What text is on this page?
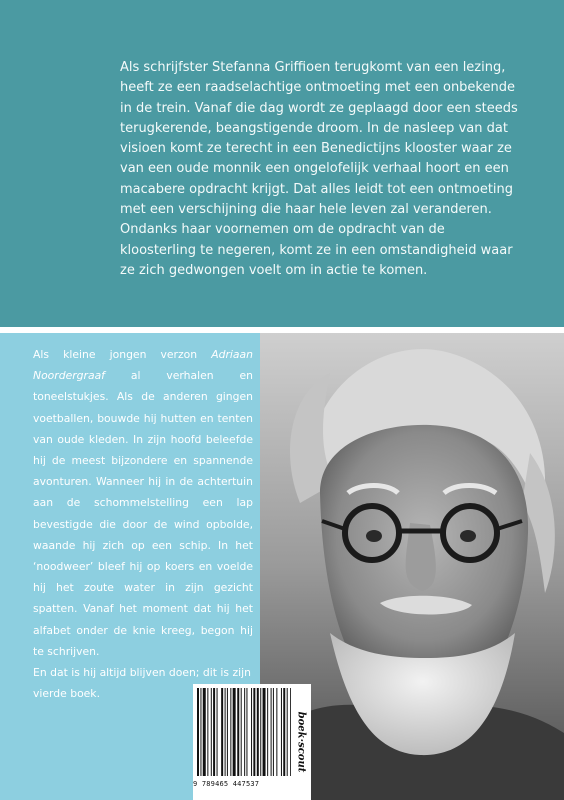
Als schrijfster Stefanna Griffioen terugkomt van een lezing, heeft ze een raadselachtige ontmoeting met een onbekende in de trein. Vanaf die dag wordt ze geplaagd door een steeds terugkerende, beangstigende droom. In de nasleep van dat visioen komt ze terecht in een Benedictijns klooster waar ze van een oude monnik een ongelofelijk verhaal hoort en een macabere opdracht krijgt. Dat alles leidt tot een ontmoeting met een verschijning die haar hele leven zal veranderen. Ondanks haar voornemen om de opdracht van de kloosterling te negeren, komt ze in een omstandigheid waar ze zich gedwongen voelt om in actie te komen.

Als kleine jongen verzon Adriaan Noordergraaf al verhalen en toneelstukjes. Als de anderen gingen voetballen, bouwde hij hutten en tenten van oude kleden. In zijn hoofd beleefde hij de meest bijzondere en spannende avonturen. Wanneer hij in de achtertuin aan de schommelstelling een lap bevestigde die door de wind opbolde, waande hij zich op een schip. In het ‘noodweer’ bleef hij op koers en voelde hij het zoute water in zijn gezicht spatten. Vanaf het moment dat hij het alfabet onder de knie kreeg, begon hij te schrijven.
En dat is hij altijd blijven doen; dit is zijn vierde boek.

9 789465 447537
boek·scout
